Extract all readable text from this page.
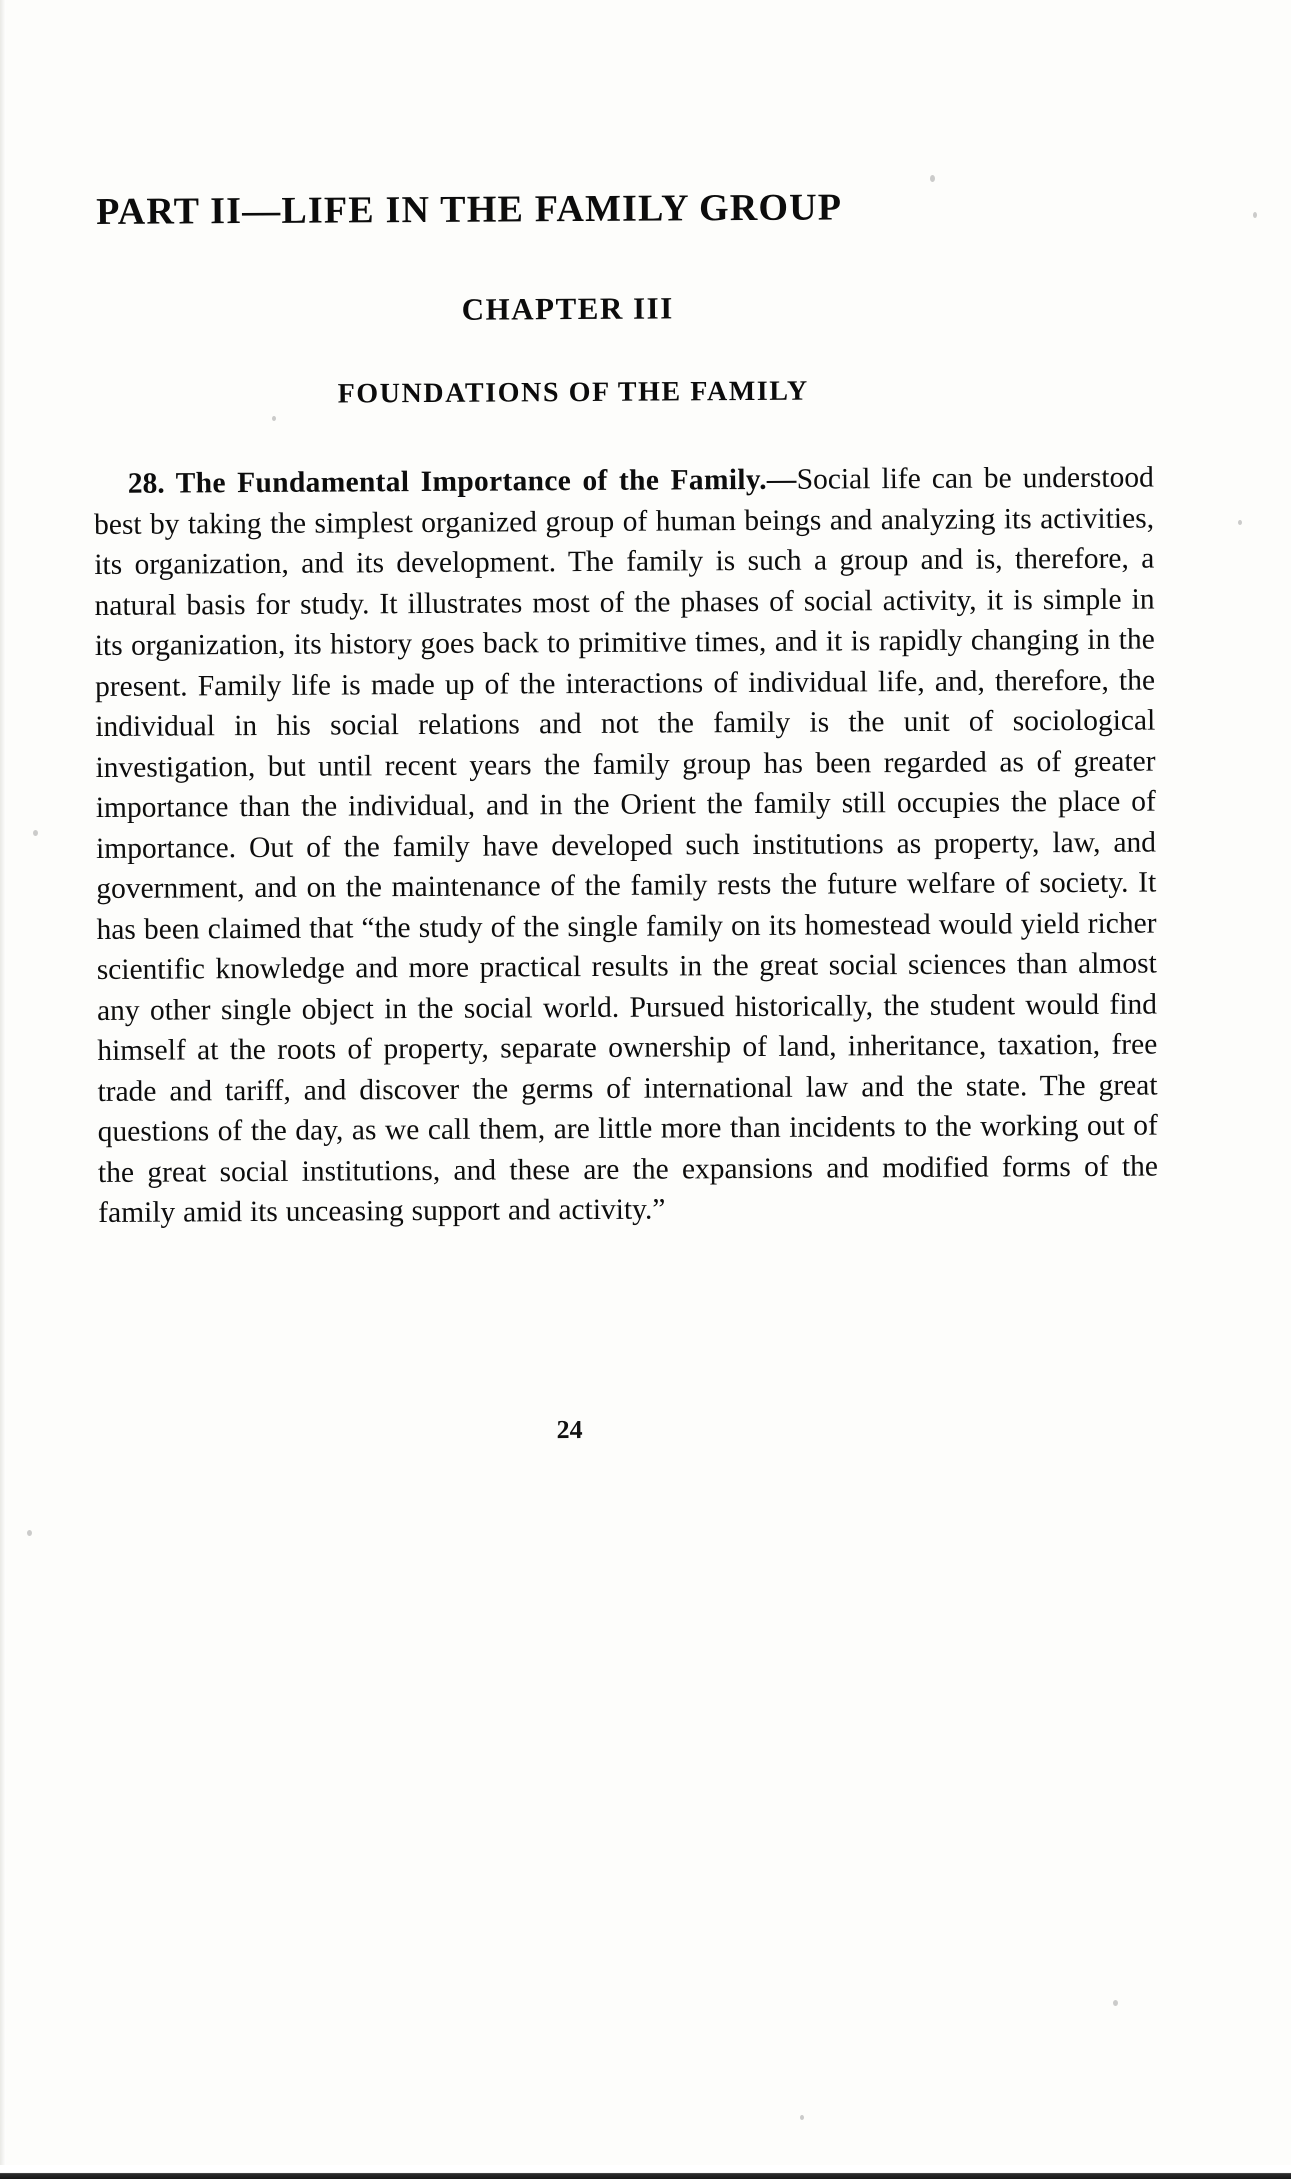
PART II—LIFE IN THE FAMILY GROUP
CHAPTER III
FOUNDATIONS OF THE FAMILY

28. The Fundamental Importance of the Family.—Social life can be understood best by taking the simplest organized group of human beings and analyzing its activities, its organization, and its development. The family is such a group and is, therefore, a natural basis for study. It illustrates most of the phases of social activity, it is simple in its organization, its history goes back to primitive times, and it is rapidly changing in the present. Family life is made up of the interactions of individual life, and, therefore, the individual in his social relations and not the family is the unit of sociological investigation, but until recent years the family group has been regarded as of greater importance than the individual, and in the Orient the family still occupies the place of importance. Out of the family have developed such institutions as property, law, and government, and on the maintenance of the family rests the future welfare of society. It has been claimed that “the study of the single family on its homestead would yield richer scientific knowledge and more practical results in the great social sciences than almost any other single object in the social world. Pursued historically, the student would find himself at the roots of property, separate ownership of land, inheritance, taxation, free trade and tariff, and discover the germs of international law and the state. The great questions of the day, as we call them, are little more than incidents to the working out of the great social institutions, and these are the expansions and modified forms of the family amid its unceasing support and activity.”

24
